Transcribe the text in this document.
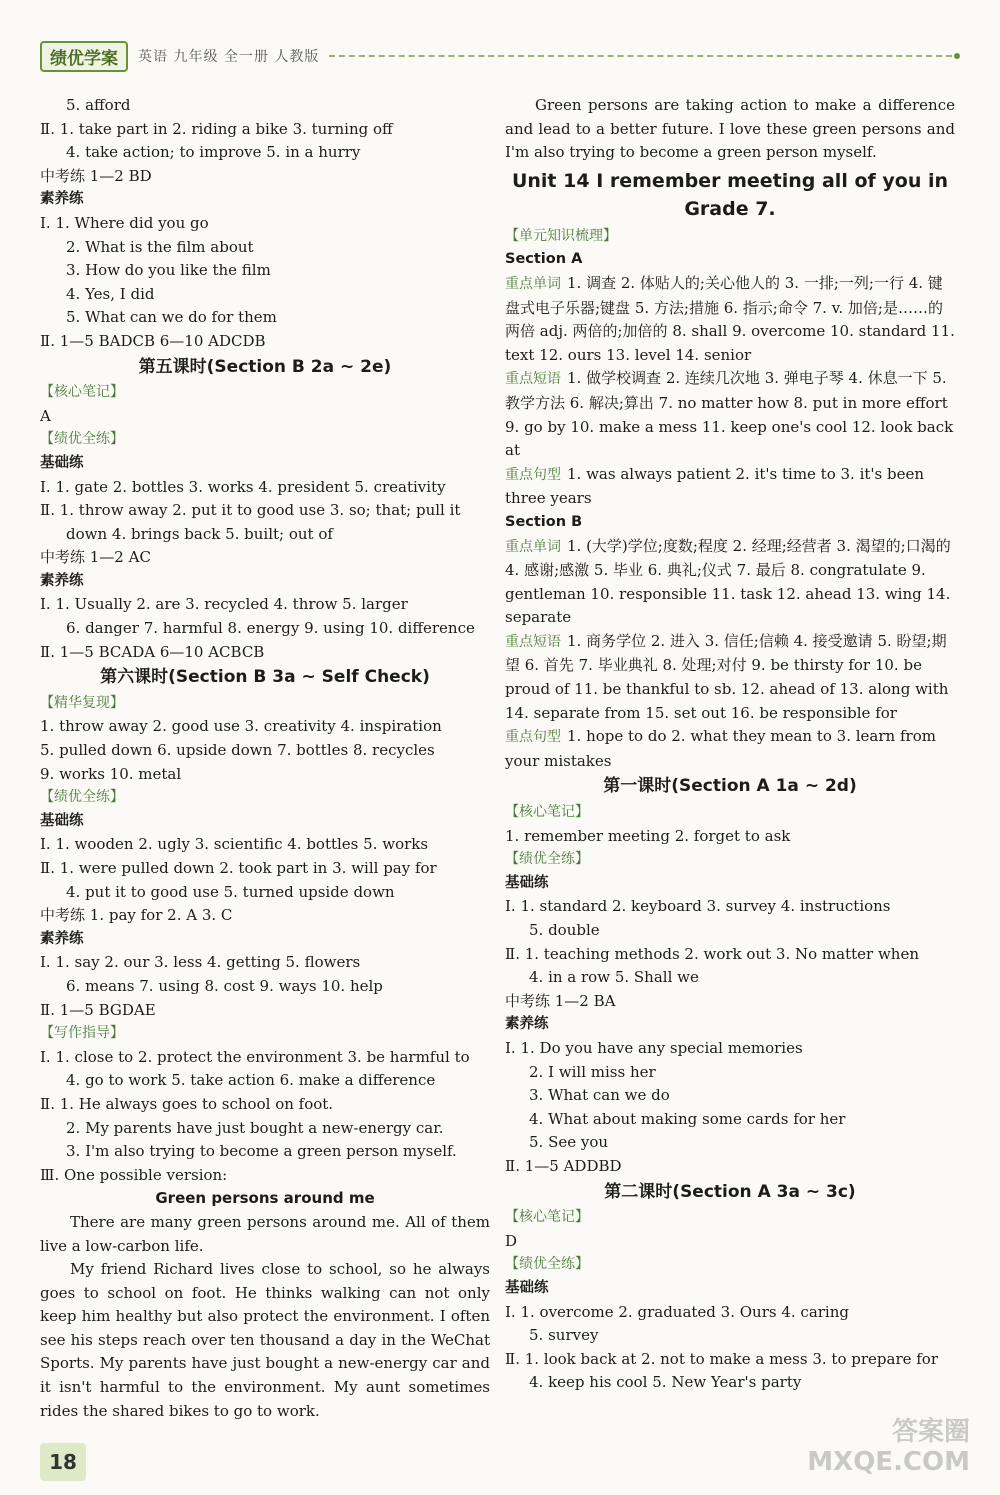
绩优学案	英语 九年级 全一册 人教版
5. afford
Ⅱ. 1. take part in 2. riding a bike 3. turning off
4. take action; to improve 5. in a hurry
中考练 1—2 BD
素养练
Ⅰ. 1. Where did you go
2. What is the film about
3. How do you like the film
4. Yes, I did
5. What can we do for them
Ⅱ. 1—5 BADCB 6—10 ADCDB
第五课时(Section B 2a ~ 2e)
【核心笔记】
A
【绩优全练】
基础练
Ⅰ. 1. gate 2. bottles 3. works 4. president 5. creativity
Ⅱ. 1. throw away 2. put it to good use 3. so; that; pull it
down 4. brings back 5. built; out of
中考练 1—2 AC
素养练
Ⅰ. 1. Usually 2. are 3. recycled 4. throw 5. larger
6. danger 7. harmful 8. energy 9. using 10. difference
Ⅱ. 1—5 BCADA 6—10 ACBCB
第六课时(Section B 3a ~ Self Check)
【精华复现】
1. throw away 2. good use 3. creativity 4. inspiration
5. pulled down 6. upside down 7. bottles 8. recycles
9. works 10. metal
【绩优全练】
基础练
Ⅰ. 1. wooden 2. ugly 3. scientific 4. bottles 5. works
Ⅱ. 1. were pulled down 2. took part in 3. will pay for
4. put it to good use 5. turned upside down
中考练 1. pay for 2. A 3. C
素养练
Ⅰ. 1. say 2. our 3. less 4. getting 5. flowers
6. means 7. using 8. cost 9. ways 10. help
Ⅱ. 1—5 BGDAE
【写作指导】
Ⅰ. 1. close to 2. protect the environment 3. be harmful to
4. go to work 5. take action 6. make a difference
Ⅱ. 1. He always goes to school on foot.
2. My parents have just bought a new-energy car.
3. I'm also trying to become a green person myself.
Ⅲ. One possible version:
Green persons around me
There are many green persons around me. All of them live a low-carbon life.
My friend Richard lives close to school, so he always goes to school on foot. He thinks walking can not only keep him healthy but also protect the environment. I often see his steps reach over ten thousand a day in the WeChat Sports. My parents have just bought a new-energy car and it isn't harmful to the environment. My aunt sometimes rides the shared bikes to go to work.
Green persons are taking action to make a difference and lead to a better future. I love these green persons and I'm also trying to become a green person myself.
Unit 14 I remember meeting all of you in Grade 7.
【单元知识梳理】
Section A
重点单词 1. 调查 2. 体贴人的;关心他人的 3. 一排;一列;一行 4. 键盘式电子乐器;键盘 5. 方法;措施 6. 指示;命令 7. v. 加倍;是……的两倍 adj. 两倍的;加倍的 8. shall 9. overcome 10. standard 11. text 12. ours 13. level 14. senior
重点短语 1. 做学校调查 2. 连续几次地 3. 弹电子琴 4. 休息一下 5. 教学方法 6. 解决;算出 7. no matter how 8. put in more effort 9. go by 10. make a mess 11. keep one's cool 12. look back at
重点句型 1. was always patient 2. it's time to 3. it's been three years
Section B
重点单词 1. (大学)学位;度数;程度 2. 经理;经营者 3. 渴望的;口渴的 4. 感谢;感激 5. 毕业 6. 典礼;仪式 7. 最后 8. congratulate 9. gentleman 10. responsible 11. task 12. ahead 13. wing 14. separate
重点短语 1. 商务学位 2. 进入 3. 信任;信赖 4. 接受邀请 5. 盼望;期望 6. 首先 7. 毕业典礼 8. 处理;对付 9. be thirsty for 10. be proud of 11. be thankful to sb. 12. ahead of 13. along with 14. separate from 15. set out 16. be responsible for
重点句型 1. hope to do 2. what they mean to 3. learn from your mistakes
第一课时(Section A 1a ~ 2d)
【核心笔记】
1. remember meeting 2. forget to ask
【绩优全练】
基础练
Ⅰ. 1. standard 2. keyboard 3. survey 4. instructions
5. double
Ⅱ. 1. teaching methods 2. work out 3. No matter when
4. in a row 5. Shall we
中考练 1—2 BA
素养练
Ⅰ. 1. Do you have any special memories
2. I will miss her
3. What can we do
4. What about making some cards for her
5. See you
Ⅱ. 1—5 ADDBD
第二课时(Section A 3a ~ 3c)
【核心笔记】
D
【绩优全练】
基础练
Ⅰ. 1. overcome 2. graduated 3. Ours 4. caring
5. survey
Ⅱ. 1. look back at 2. not to make a mess 3. to prepare for
4. keep his cool 5. New Year's party
18
答案圈
MXQE.COM
